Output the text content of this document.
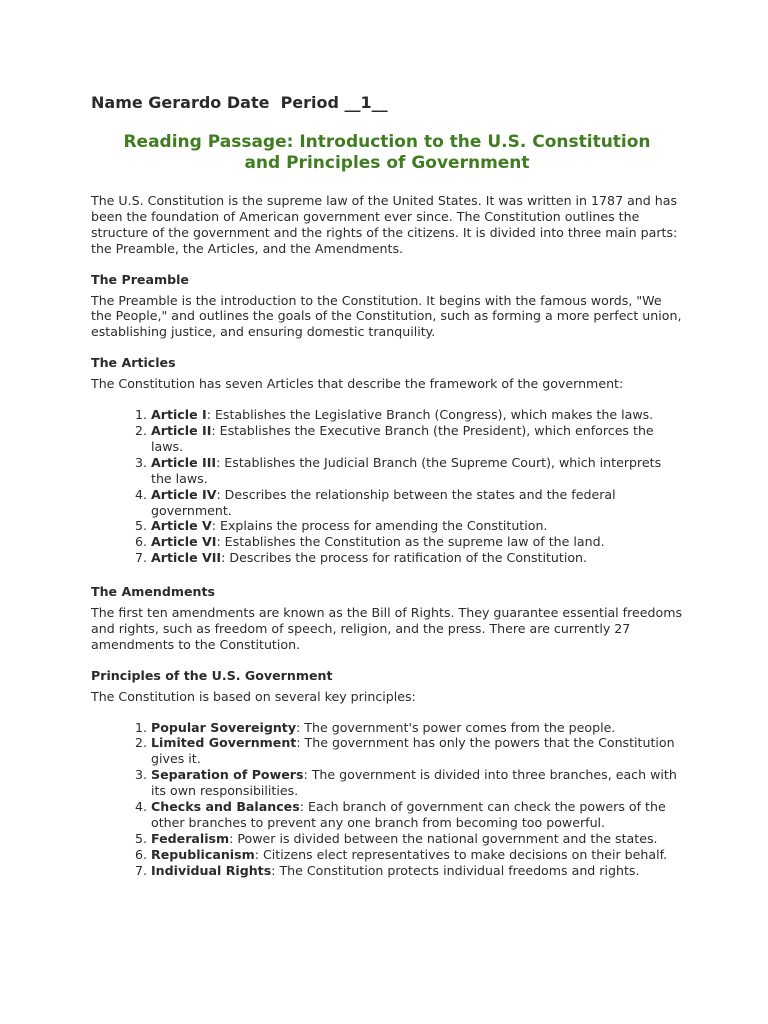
Name Gerardo Date  Period __1__
Reading Passage: Introduction to the U.S. Constitution
and Principles of Government

The U.S. Constitution is the supreme law of the United States. It was written in 1787 and has been the foundation of American government ever since. The Constitution outlines the structure of the government and the rights of the citizens. It is divided into three main parts: the Preamble, the Articles, and the Amendments.

The Preamble

The Preamble is the introduction to the Constitution. It begins with the famous words, "We the People," and outlines the goals of the Constitution, such as forming a more perfect union, establishing justice, and ensuring domestic tranquility.

The Articles

The Constitution has seven Articles that describe the framework of the government:

1. Article I: Establishes the Legislative Branch (Congress), which makes the laws.
2. Article II: Establishes the Executive Branch (the President), which enforces the laws.
3. Article III: Establishes the Judicial Branch (the Supreme Court), which interprets the laws.
4. Article IV: Describes the relationship between the states and the federal government.
5. Article V: Explains the process for amending the Constitution.
6. Article VI: Establishes the Constitution as the supreme law of the land.
7. Article VII: Describes the process for ratification of the Constitution.
The Amendments

The first ten amendments are known as the Bill of Rights. They guarantee essential freedoms and rights, such as freedom of speech, religion, and the press. There are currently 27 amendments to the Constitution.

Principles of the U.S. Government

The Constitution is based on several key principles:

1. Popular Sovereignty: The government's power comes from the people.
2. Limited Government: The government has only the powers that the Constitution gives it.
3. Separation of Powers: The government is divided into three branches, each with its own responsibilities.
4. Checks and Balances: Each branch of government can check the powers of the other branches to prevent any one branch from becoming too powerful.
5. Federalism: Power is divided between the national government and the states.
6. Republicanism: Citizens elect representatives to make decisions on their behalf.
7. Individual Rights: The Constitution protects individual freedoms and rights.
